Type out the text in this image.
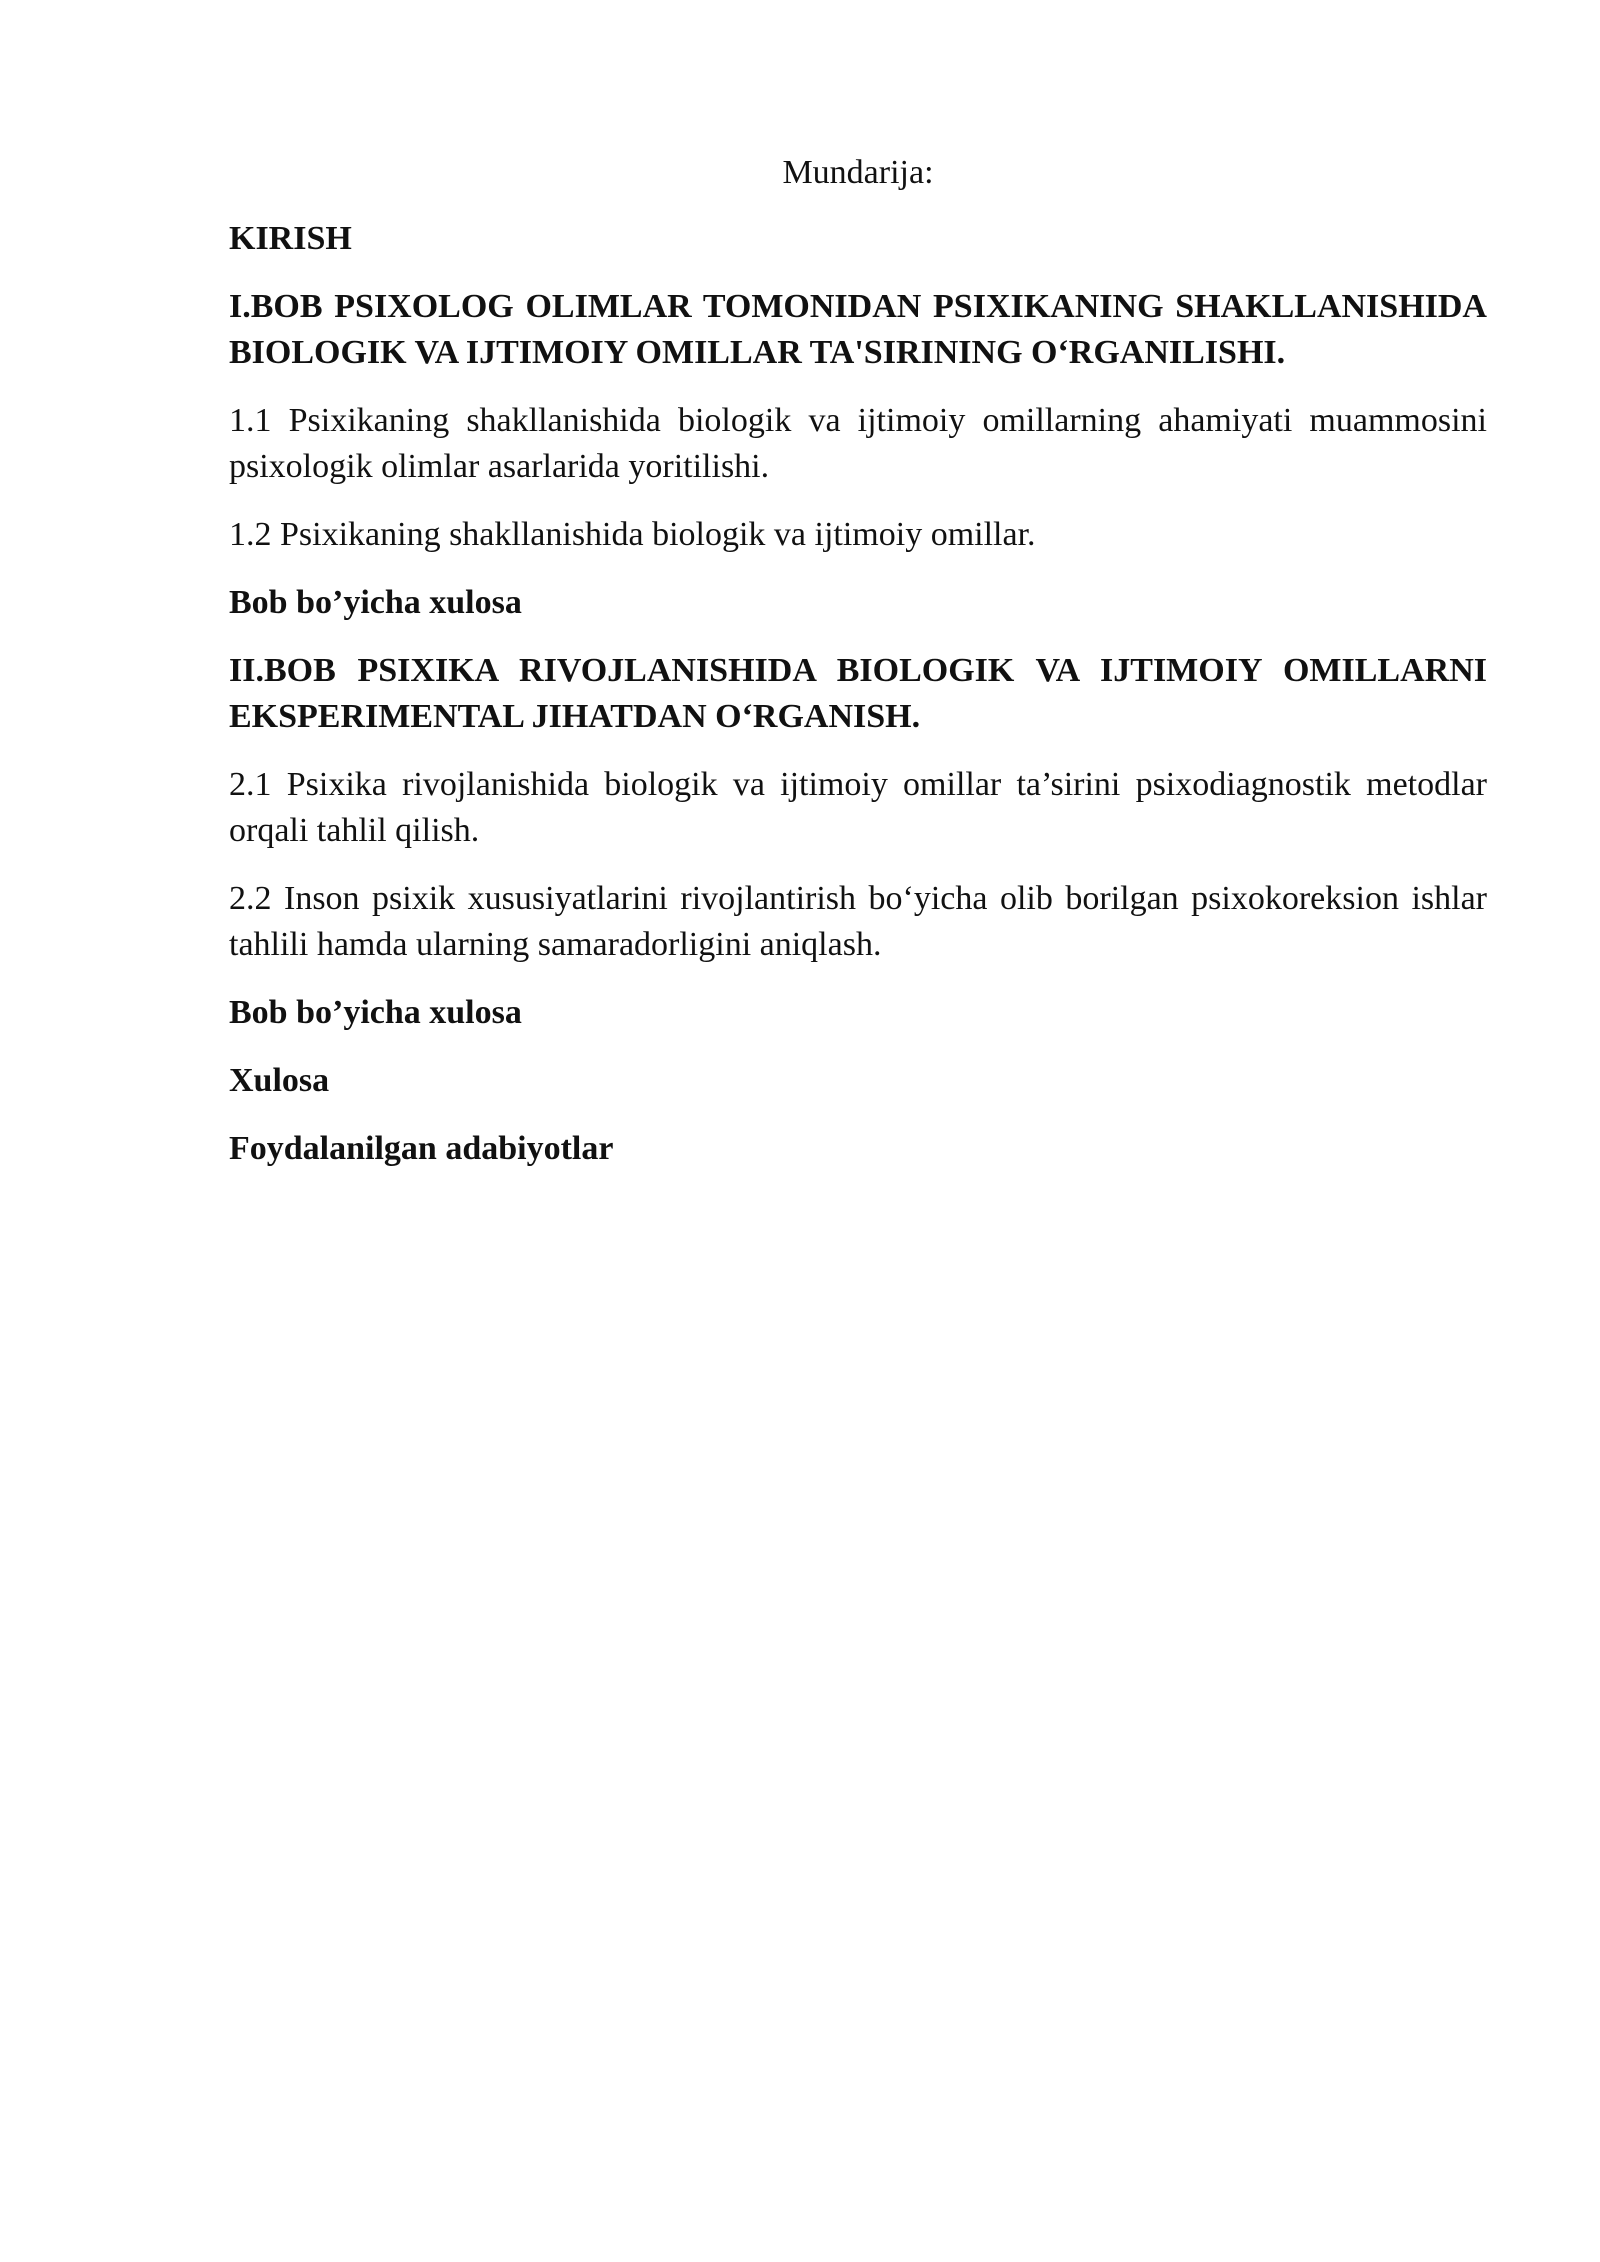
Mundarija:
KIRISH
I.BOB PSIXOLOG OLIMLAR TOMONIDAN PSIXIKANING SHAKLLANISHIDA BIOLOGIK VA IJTIMOIY OMILLAR TA'SIRINING O‘RGANILISHI.
1.1 Psixikaning shakllanishida biologik va ijtimoiy omillarning ahamiyati muammosini psixologik olimlar asarlarida yoritilishi.
1.2 Psixikaning shakllanishida biologik va ijtimoiy omillar.
Bob bo’yicha xulosa
II.BOB PSIXIKA RIVOJLANISHIDA BIOLOGIK VA IJTIMOIY OMILLARNI EKSPERIMENTAL JIHATDAN O‘RGANISH.
2.1 Psixika rivojlanishida biologik va ijtimoiy omillar ta’sirini psixodiagnostik metodlar orqali tahlil qilish.
2.2 Inson psixik xususiyatlarini rivojlantirish bo‘yicha olib borilgan psixokoreksion ishlar tahlili hamda ularning samaradorligini aniqlash.
Bob bo’yicha xulosa
Xulosa
Foydalanilgan adabiyotlar
